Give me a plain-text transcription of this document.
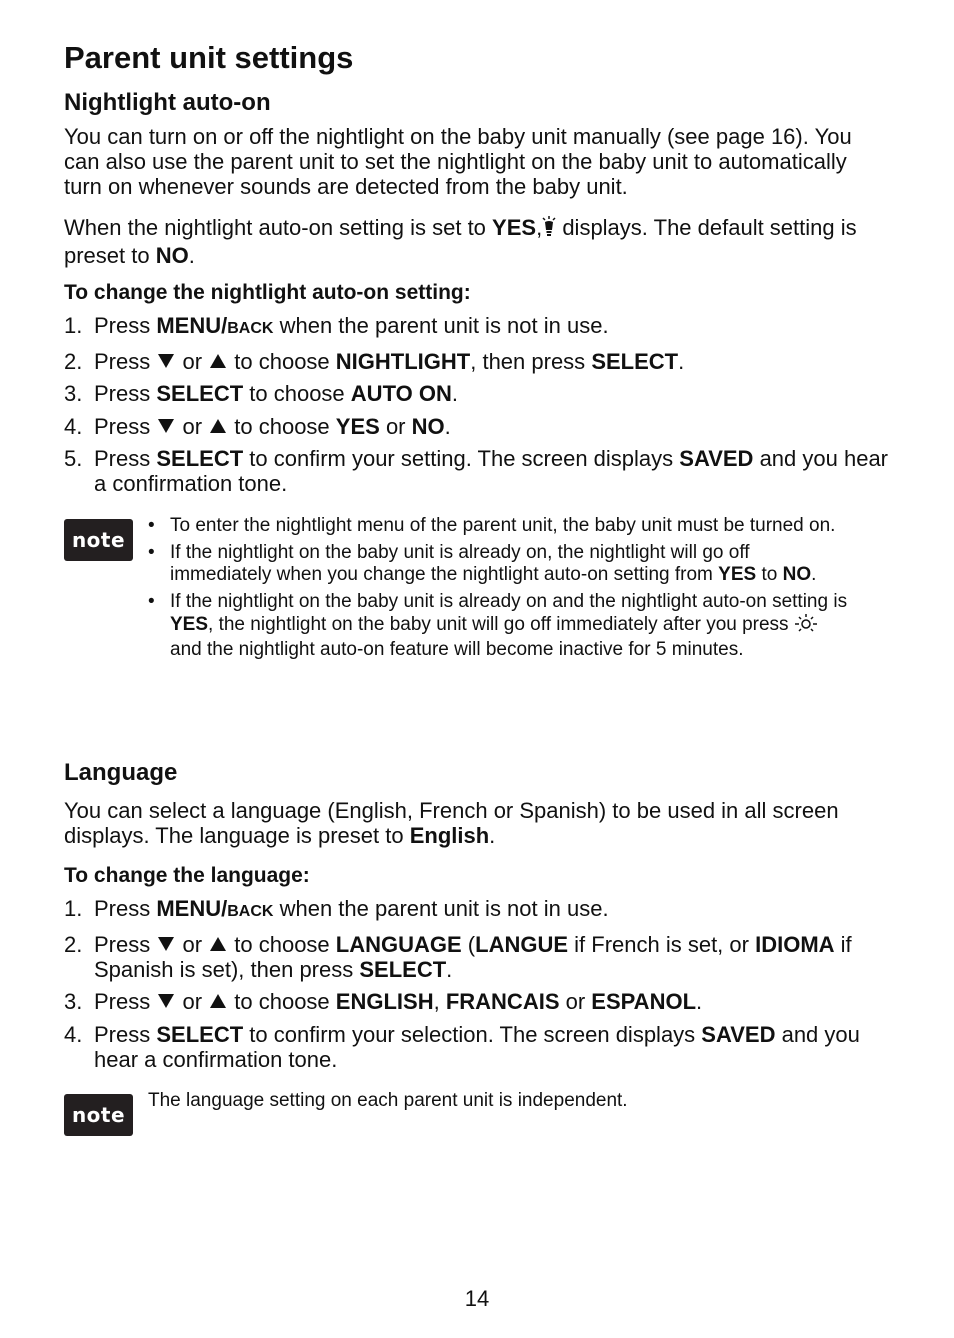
Parent unit settings
Nightlight auto-on

You can turn on or off the nightlight on the baby unit manually (see page 16). You can also use the parent unit to set the nightlight on the baby unit to automatically turn on whenever sounds are detected from the baby unit.

When the nightlight auto-on setting is set to YES, displays. The default setting is preset to NO.

To change the nightlight auto-on setting:

1. Press MENU/BACK when the parent unit is not in use.
2. Press  or  to choose NIGHTLIGHT, then press SELECT.
3. Press SELECT to choose AUTO ON.
4. Press  or  to choose YES or NO.
5. Press SELECT to confirm your setting. The screen displays SAVED and you hear a confirmation tone.
note
• To enter the nightlight menu of the parent unit, the baby unit must be turned on.
• If the nightlight on the baby unit is already on, the nightlight will go off immediately when you change the nightlight auto-on setting from YES to NO.
• If the nightlight on the baby unit is already on and the nightlight auto-on setting is YES, the nightlight on the baby unit will go off immediately after you press  and the nightlight auto-on feature will become inactive for 5 minutes.
Language

You can select a language (English, French or Spanish) to be used in all screen displays. The language is preset to English.

To change the language:

1. Press MENU/BACK when the parent unit is not in use.
2. Press  or  to choose LANGUAGE (LANGUE if French is set, or IDIOMA if Spanish is set), then press SELECT.
3. Press  or  to choose ENGLISH, FRANCAIS or ESPANOL.
4. Press SELECT to confirm your selection. The screen displays SAVED and you hear a confirmation tone.
note

The language setting on each parent unit is independent.

14
